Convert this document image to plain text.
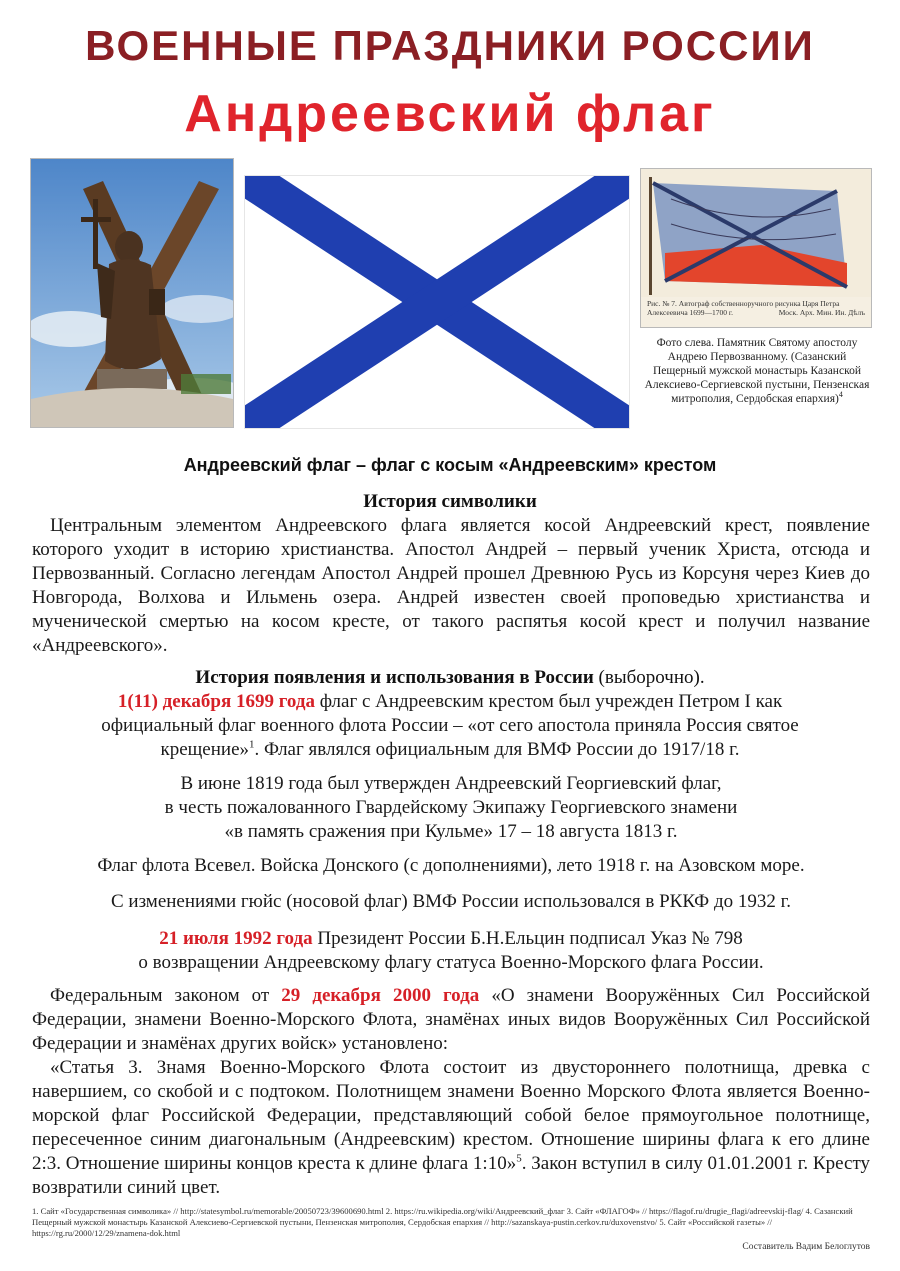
ВОЕННЫЕ ПРАЗДНИКИ РОССИИ
Андреевский флаг
Рис. № 7. Автограф собственноручного рисунка Царя Петра
Алексеевича 1699—1700 г.	Моск. Арх. Мин. Ин. Дѣлъ
Фото слева. Памятник Святому апостолу Андрею Первозванному. (Сазанский Пещерный мужской монастырь Казанской Алексиево-Сергиевской пустыни, Пензенская митрополия, Сердобская епархия)$^4$
Андреевский флаг – флаг с косым «Андреевским» крестом
История символики
Центральным элементом Андреевского флага является косой Андреевский крест, появление которого уходит в историю христианства. Апостол Андрей – первый ученик Христа, отсюда и Первозванный. Согласно легендам Апостол Андрей прошел Древнюю Русь из Корсуня через Киев до Новгорода, Волхова и Ильмень озера. Андрей известен своей проповедью христианства и мученической смертью на косом кресте, от такого распятья косой крест и получил название «Андреевского».
История появления и использования в России (выборочно).
1(11) декабря 1699 года флаг с Андреевским крестом был учрежден Петром I как официальный флаг военного флота России – «от сего апостола приняла Россия святое крещение»$^1$. Флаг являлся официальным для ВМФ России до 1917/18 г.
В июне 1819 года был утвержден Андреевский Георгиевский флаг,
в честь пожалованного Гвардейскому Экипажу Георгиевского знамени
«в память сражения при Кульме» 17 – 18 августа 1813 г.
Флаг флота Всевел. Войска Донского (с дополнениями), лето 1918 г. на Азовском море.
С изменениями гюйс (носовой флаг) ВМФ России использовался в РККФ до 1932 г.
21 июля 1992 года Президент России Б.Н.Ельцин подписал Указ № 798
о возвращении Андреевскому флагу статуса Военно-Морского флага России.
Федеральным законом от 29 декабря 2000 года «О знамени Вооружённых Сил Российской Федерации, знамени Военно-Морского Флота, знамёнах иных видов Вооружённых Сил Российской Федерации и знамёнах других войск» установлено:
«Статья 3. Знамя Военно-Морского Флота состоит из двустороннего полотнища, древка с навершием, со скобой и с подтоком. Полотнищем знамени Военно Морского Флота является Военно-морской флаг Российской Федерации, представляющий собой белое прямоугольное полотнище, пересеченное синим диагональным (Андреевским) крестом. Отношение ширины флага к его длине 2:3. Отношение ширины концов креста к длине флага 1:10»$^5$. Закон вступил в силу 01.01.2001 г. Кресту возвратили синий цвет.
1. Сайт «Государственная символика» // http://statesymbol.ru/memorable/20050723/39600690.html 2. https://ru.wikipedia.org/wiki/Андреевский_флаг 3. Сайт «ФЛАГОФ» // https://flagof.ru/drugie_flagi/adreevskij-flag/ 4. Сазанский Пещерный мужской монастырь Казанской Алексиево-Сергиевской пустыни, Пензенская митрополия, Сердобская епархия // http://sazanskaya-pustin.cerkov.ru/duxovenstvo/ 5. Сайт «Российской газеты» // https://rg.ru/2000/12/29/znamena-dok.html
Составитель Вадим Белоглутов
